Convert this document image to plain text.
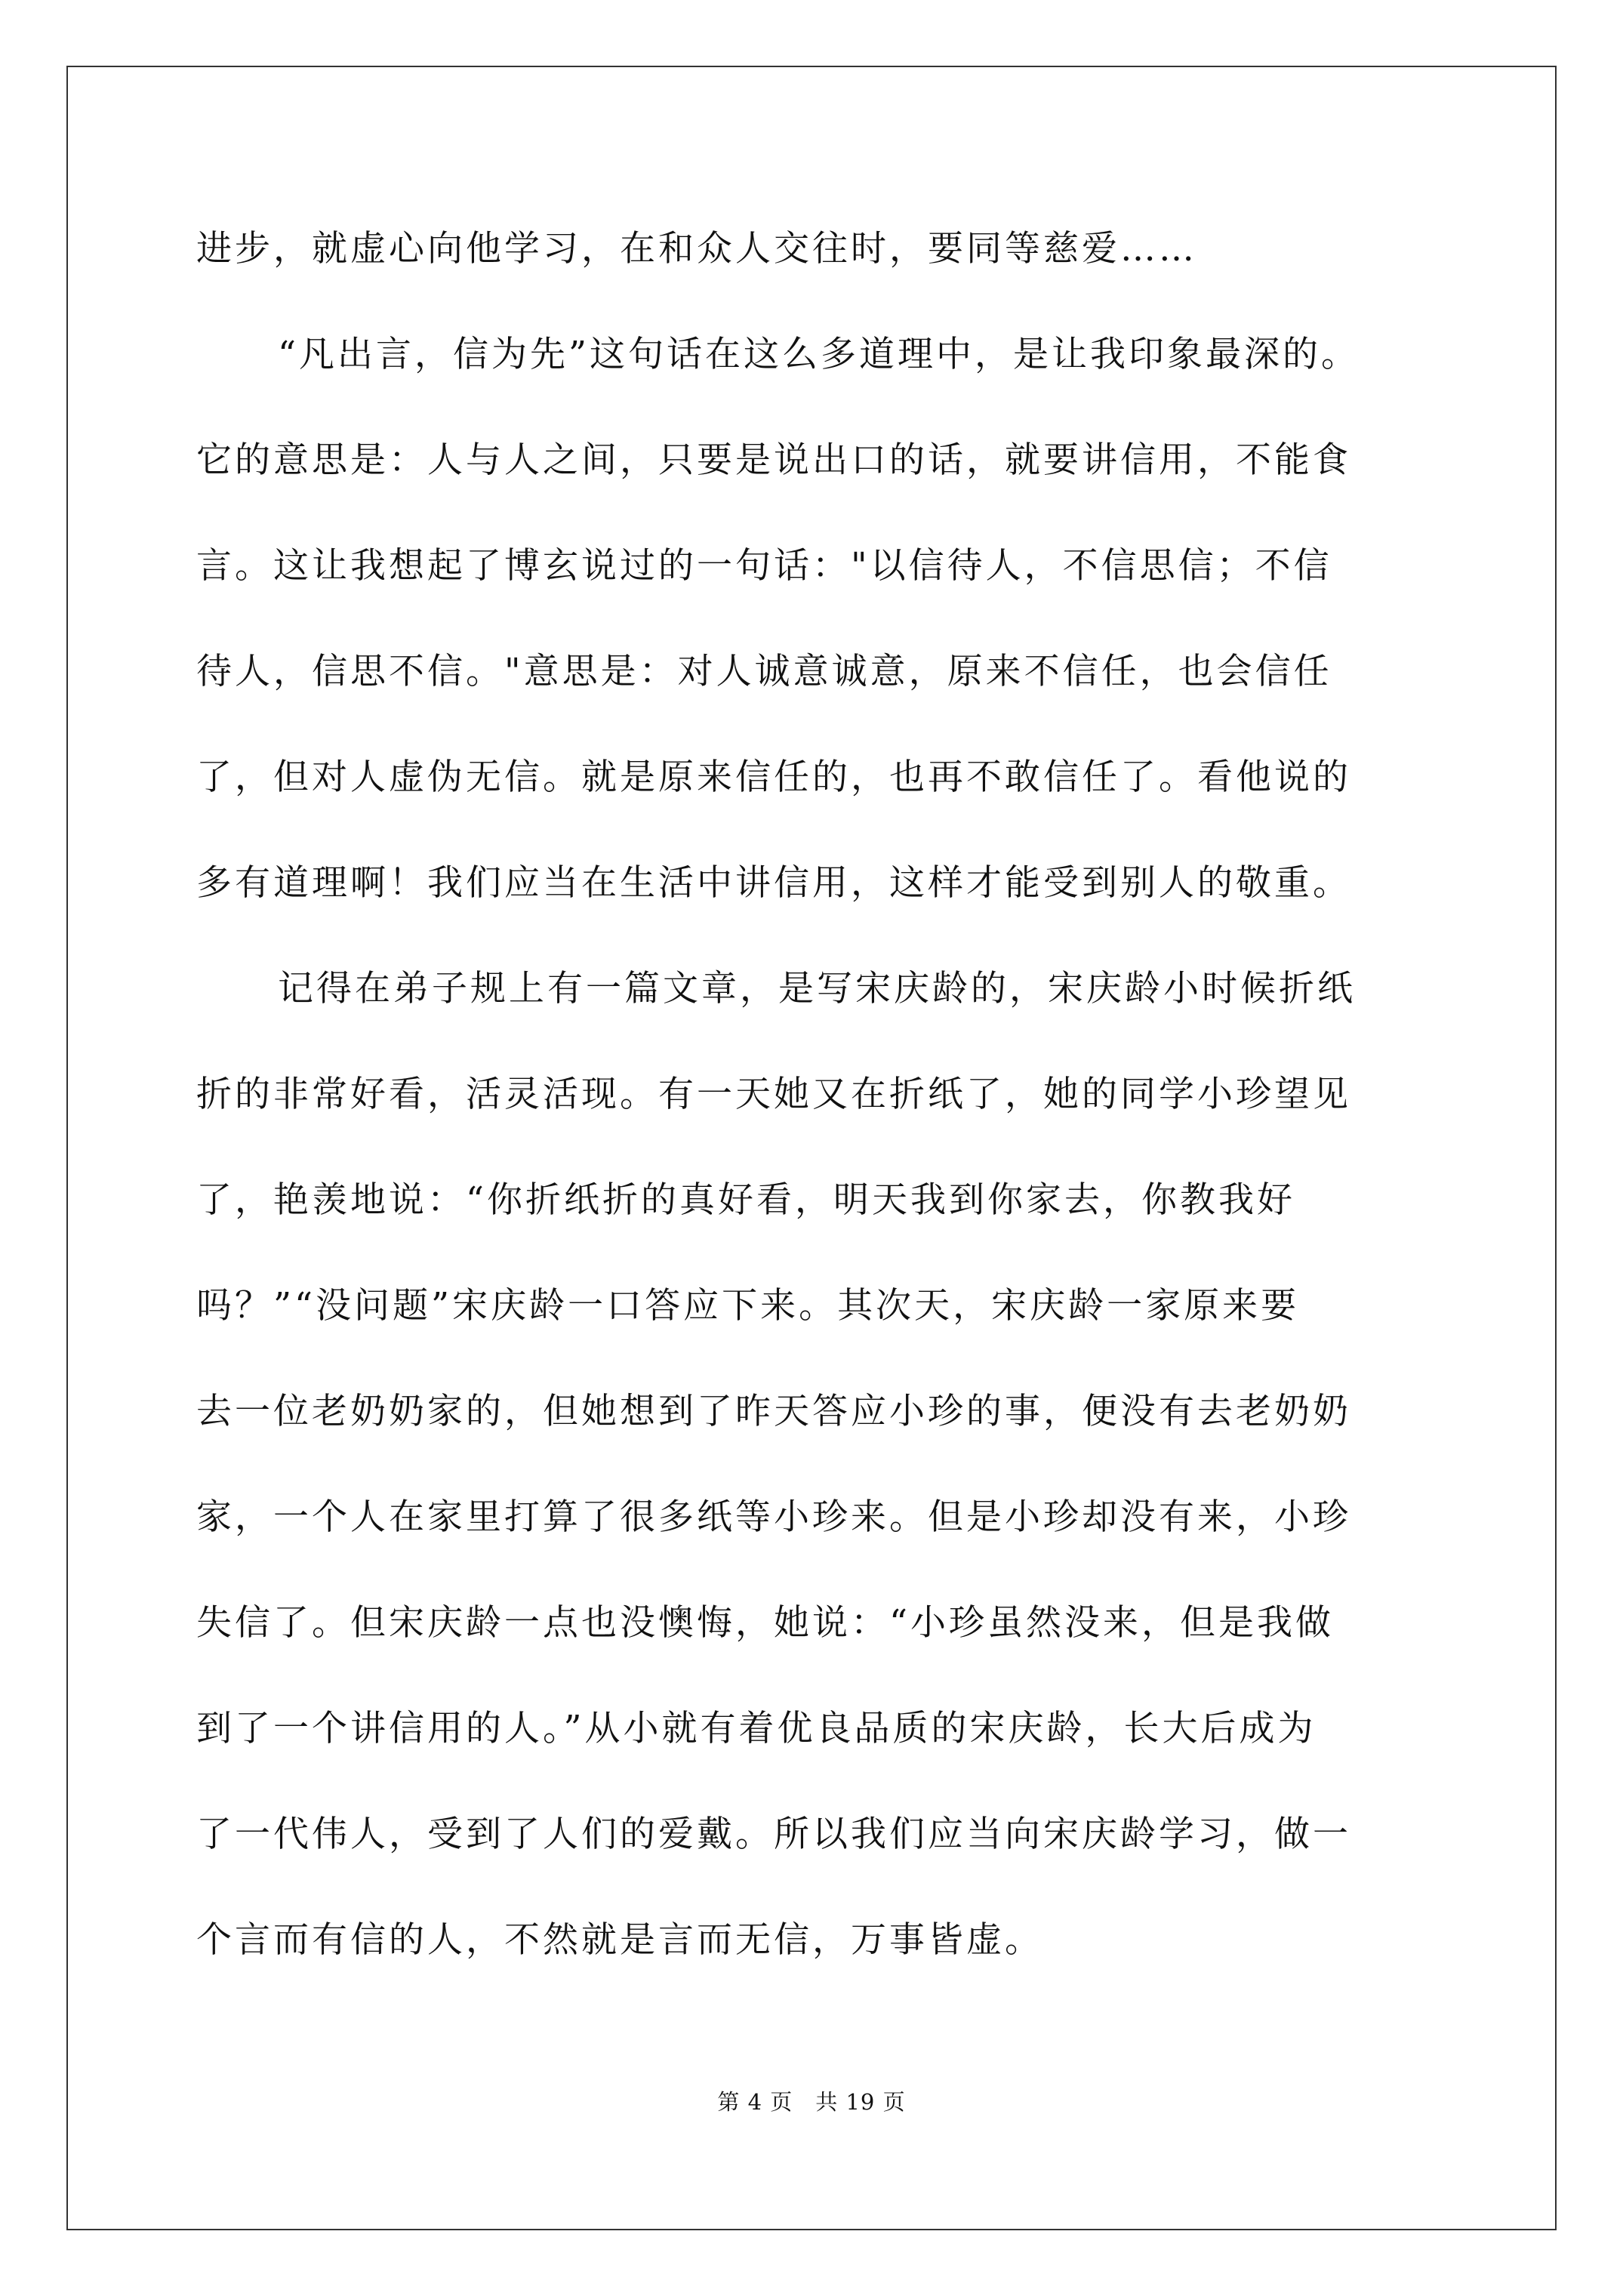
进步，就虚心向他学习，在和众人交往时，要同等慈爱……
“凡出言，信为先”这句话在这么多道理中，是让我印象最深的。
它的意思是：人与人之间，只要是说出口的话，就要讲信用，不能食
言。这让我想起了博玄说过的一句话："以信待人，不信思信；不信
待人，信思不信。"意思是：对人诚意诚意，原来不信任，也会信任
了，但对人虚伪无信。就是原来信任的，也再不敢信任了。看他说的
多有道理啊！我们应当在生活中讲信用，这样才能受到别人的敬重。
记得在弟子规上有一篇文章，是写宋庆龄的，宋庆龄小时候折纸
折的非常好看，活灵活现。有一天她又在折纸了，她的同学小珍望见
了，艳羡地说：“你折纸折的真好看，明天我到你家去，你教我好
吗？”“没问题”宋庆龄一口答应下来。其次天，宋庆龄一家原来要
去一位老奶奶家的，但她想到了昨天答应小珍的事，便没有去老奶奶
家，一个人在家里打算了很多纸等小珍来。但是小珍却没有来，小珍
失信了。但宋庆龄一点也没懊悔，她说：“小珍虽然没来，但是我做
到了一个讲信用的人。”从小就有着优良品质的宋庆龄，长大后成为
了一代伟人，受到了人们的爱戴。所以我们应当向宋庆龄学习，做一
个言而有信的人，不然就是言而无信，万事皆虚。
第 4 页 共 19 页
